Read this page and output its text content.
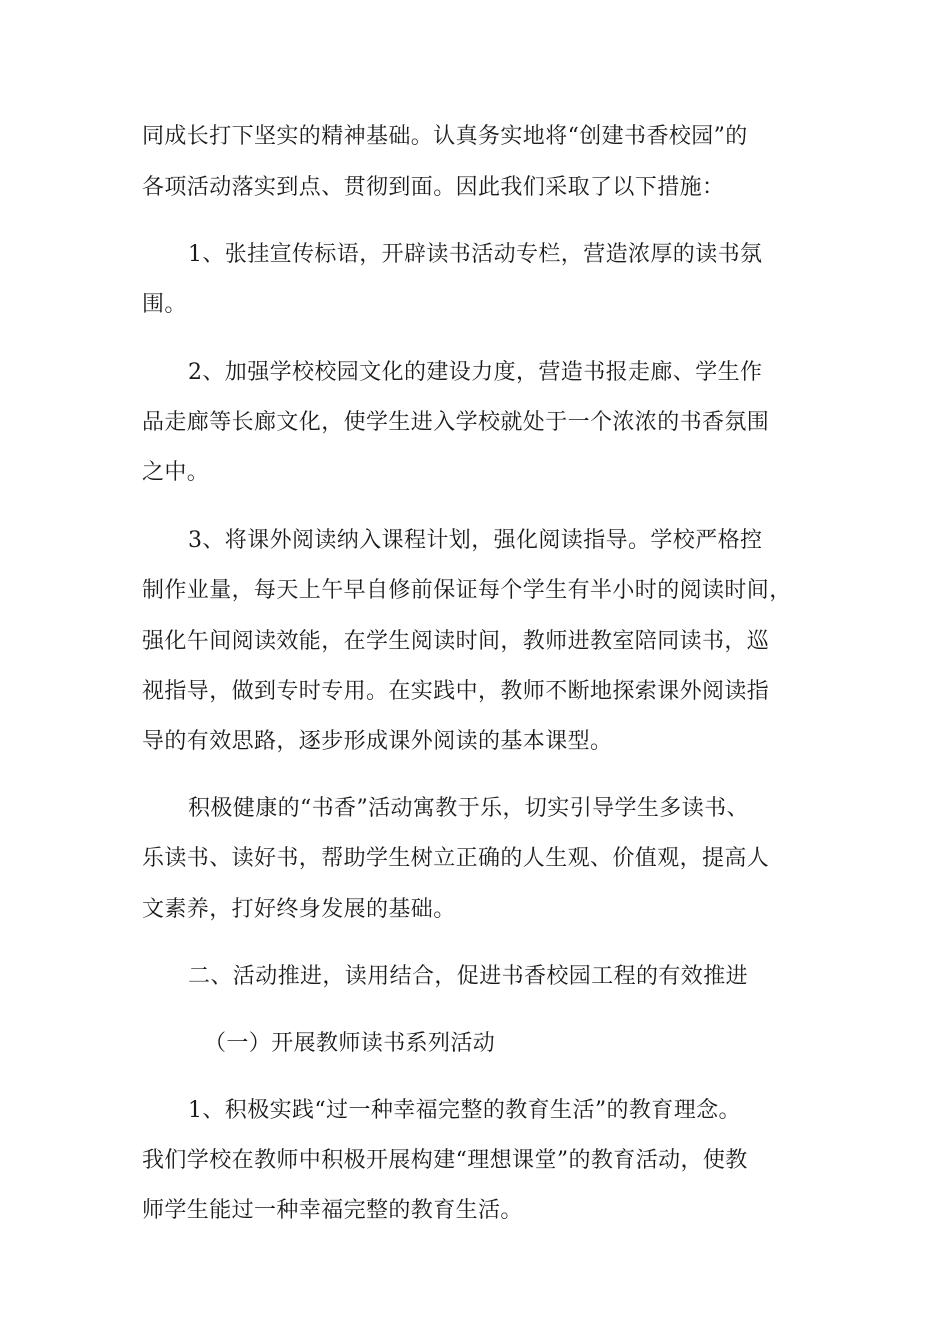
同成长打下坚实的精神基础。认真务实地将“创建书香校园”的
各项活动落实到点、贯彻到面。因此我们采取了以下措施：
1、张挂宣传标语，开辟读书活动专栏，营造浓厚的读书氛
围。
2、加强学校校园文化的建设力度，营造书报走廊、学生作
品走廊等长廊文化，使学生进入学校就处于一个浓浓的书香氛围
之中。
3、将课外阅读纳入课程计划，强化阅读指导。学校严格控
制作业量，每天上午早自修前保证每个学生有半小时的阅读时间，
强化午间阅读效能，在学生阅读时间，教师进教室陪同读书，巡
视指导，做到专时专用。在实践中，教师不断地探索课外阅读指
导的有效思路，逐步形成课外阅读的基本课型。
积极健康的“书香”活动寓教于乐，切实引导学生多读书、
乐读书、读好书，帮助学生树立正确的人生观、价值观，提高人
文素养，打好终身发展的基础。
二、活动推进，读用结合，促进书香校园工程的有效推进
（一）开展教师读书系列活动
1、积极实践“过一种幸福完整的教育生活”的教育理念。
我们学校在教师中积极开展构建“理想课堂”的教育活动，使教
师学生能过一种幸福完整的教育生活。
